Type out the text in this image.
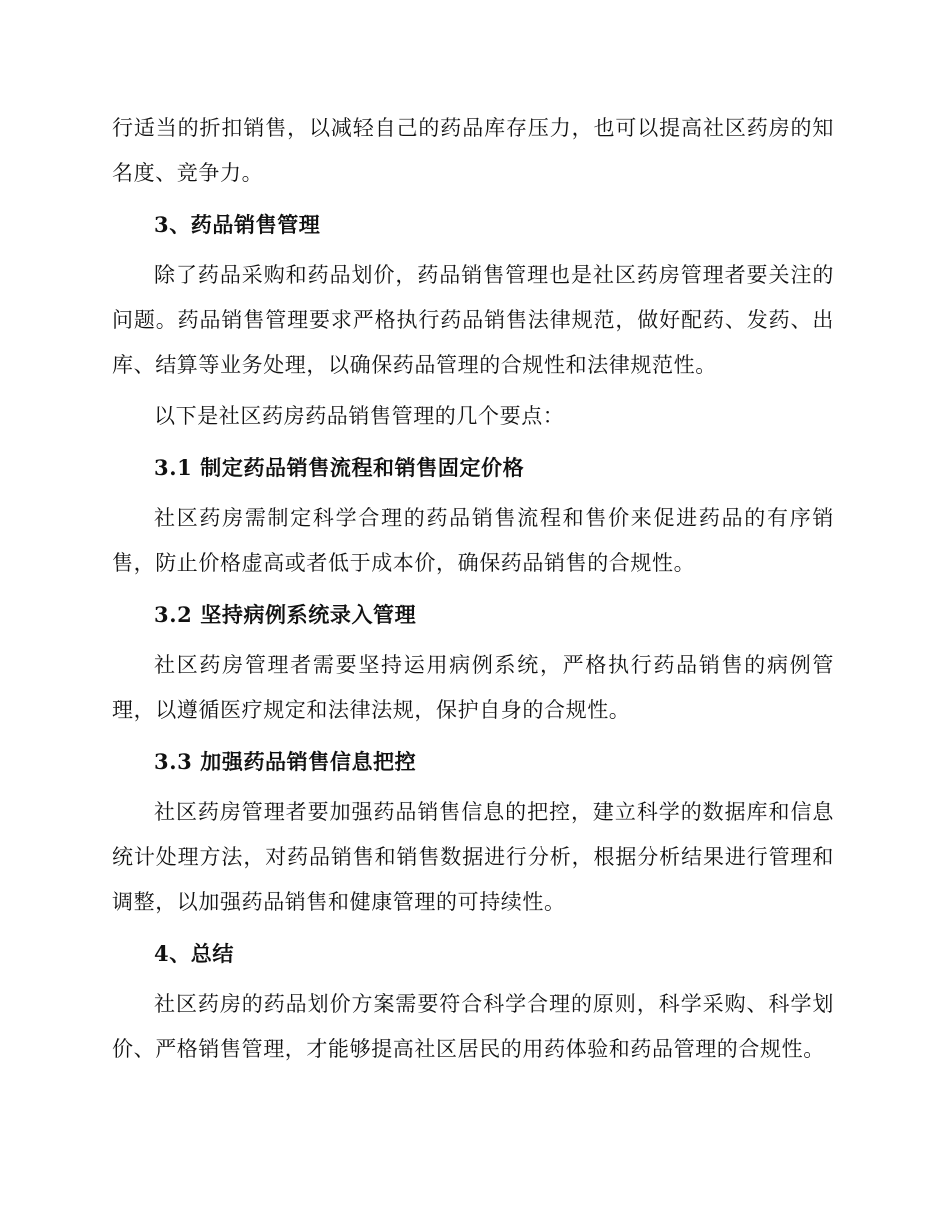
行适当的折扣销售，以减轻自己的药品库存压力，也可以提高社区药房的知名度、竞争力。

3、药品销售管理

除了药品采购和药品划价，药品销售管理也是社区药房管理者要关注的问题。药品销售管理要求严格执行药品销售法律规范，做好配药、发药、出库、结算等业务处理，以确保药品管理的合规性和法律规范性。

以下是社区药房药品销售管理的几个要点：

3.1 制定药品销售流程和销售固定价格

社区药房需制定科学合理的药品销售流程和售价来促进药品的有序销售，防止价格虚高或者低于成本价，确保药品销售的合规性。

3.2 坚持病例系统录入管理

社区药房管理者需要坚持运用病例系统，严格执行药品销售的病例管理，以遵循医疗规定和法律法规，保护自身的合规性。

3.3 加强药品销售信息把控

社区药房管理者要加强药品销售信息的把控，建立科学的数据库和信息统计处理方法，对药品销售和销售数据进行分析，根据分析结果进行管理和调整，以加强药品销售和健康管理的可持续性。

4、总结

社区药房的药品划价方案需要符合科学合理的原则，科学采购、科学划价、严格销售管理，才能够提高社区居民的用药体验和药品管理的合规性。
